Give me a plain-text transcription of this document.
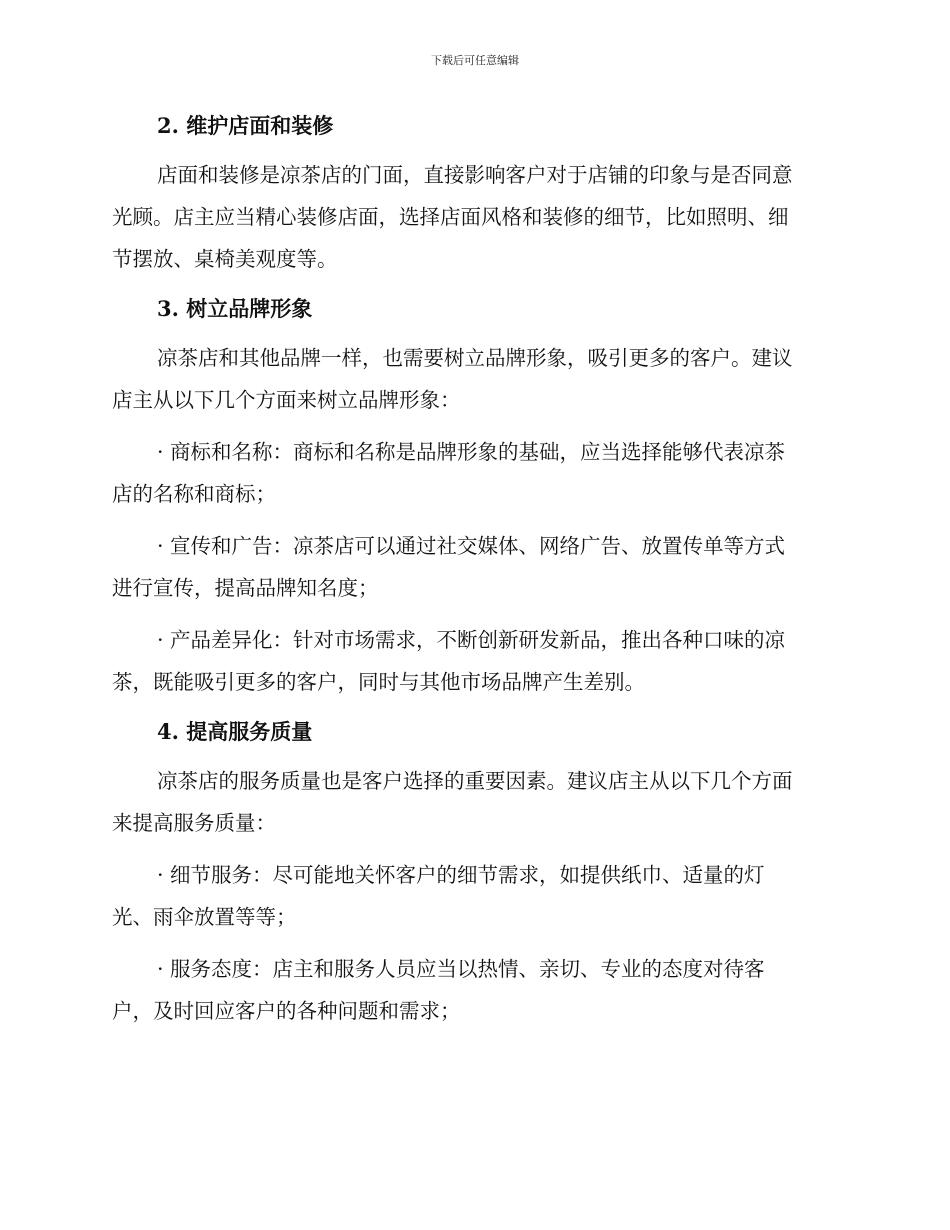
下载后可任意编辑
2. 维护店面和装修
店面和装修是凉茶店的门面，直接影响客户对于店铺的印象与是否同意
光顾。店主应当精心装修店面，选择店面风格和装修的细节，比如照明、细
节摆放、桌椅美观度等。
3. 树立品牌形象
凉茶店和其他品牌一样，也需要树立品牌形象，吸引更多的客户。建议
店主从以下几个方面来树立品牌形象：
· 商标和名称：商标和名称是品牌形象的基础，应当选择能够代表凉茶
店的名称和商标；
· 宣传和广告：凉茶店可以通过社交媒体、网络广告、放置传单等方式
进行宣传，提高品牌知名度；
· 产品差异化：针对市场需求，不断创新研发新品，推出各种口味的凉
茶，既能吸引更多的客户，同时与其他市场品牌产生差别。
4. 提高服务质量
凉茶店的服务质量也是客户选择的重要因素。建议店主从以下几个方面
来提高服务质量：
· 细节服务：尽可能地关怀客户的细节需求，如提供纸巾、适量的灯
光、雨伞放置等等；
· 服务态度：店主和服务人员应当以热情、亲切、专业的态度对待客
户，及时回应客户的各种问题和需求；
